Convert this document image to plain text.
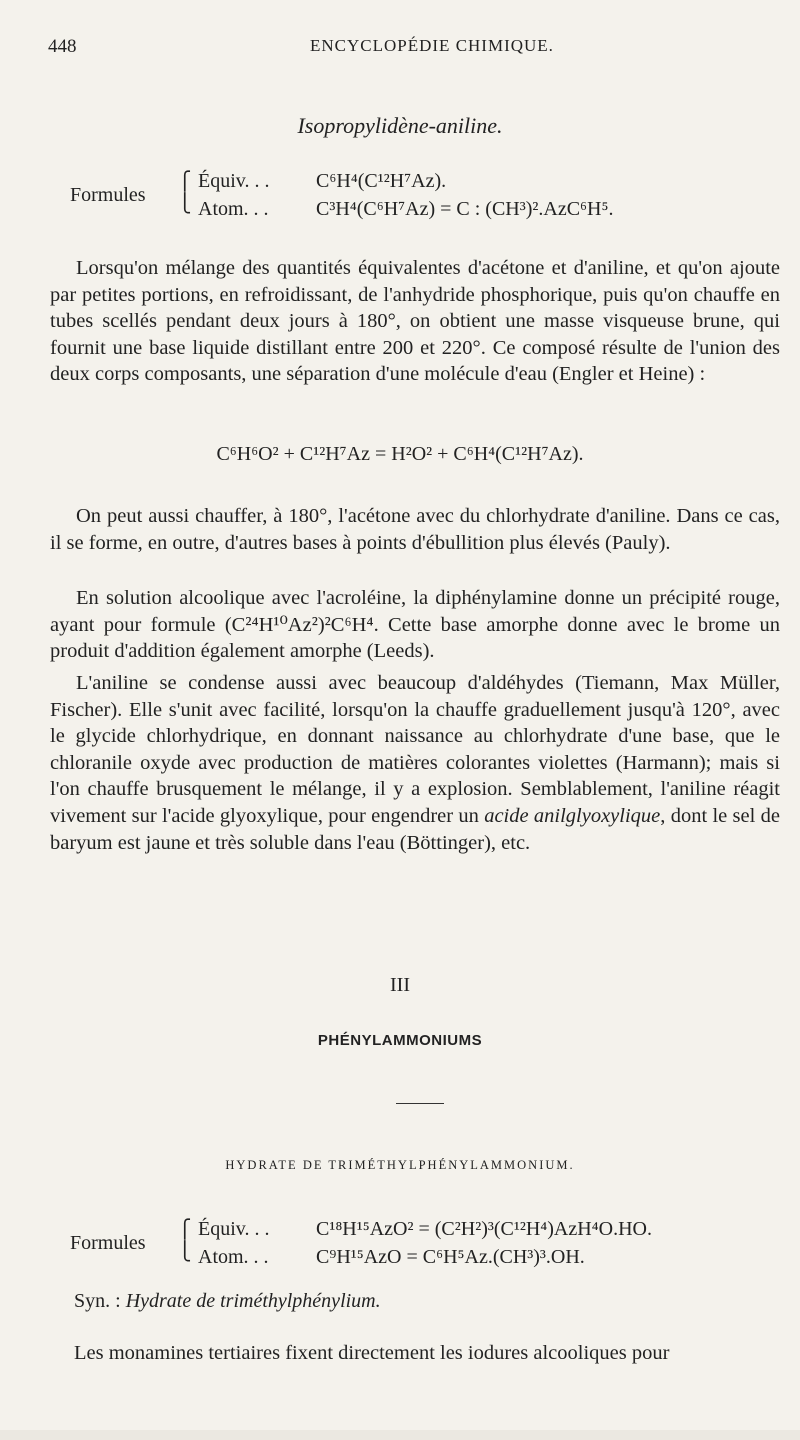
448	ENCYCLOPÉDIE CHIMIQUE.
Isopropylidène-aniline.
Formules
⎧
⎩
Équiv. . . C⁶H⁴(C¹²H⁷Az).
Atom. . . C³H⁴(C⁶H⁷Az) = C : (CH³)².AzC⁶H⁵.

Lorsqu'on mélange des quantités équivalentes d'acétone et d'aniline, et qu'on ajoute par petites portions, en refroidissant, de l'anhydride phosphorique, puis qu'on chauffe en tubes scellés pendant deux jours à 180°, on obtient une masse visqueuse brune, qui fournit une base liquide distillant entre 200 et 220°. Ce composé résulte de l'union des deux corps composants, une séparation d'une molécule d'eau (Engler et Heine) :

C⁶H⁶O² + C¹²H⁷Az = H²O² + C⁶H⁴(C¹²H⁷Az).

On peut aussi chauffer, à 180°, l'acétone avec du chlorhydrate d'aniline. Dans ce cas, il se forme, en outre, d'autres bases à points d'ébullition plus élevés (Pauly).

En solution alcoolique avec l'acroléine, la diphénylamine donne un précipité rouge, ayant pour formule (C²⁴H¹⁰Az²)²C⁶H⁴. Cette base amorphe donne avec le brome un produit d'addition également amorphe (Leeds).

L'aniline se condense aussi avec beaucoup d'aldéhydes (Tiemann, Max Müller, Fischer). Elle s'unit avec facilité, lorsqu'on la chauffe graduellement jusqu'à 120°, avec le glycide chlorhydrique, en donnant naissance au chlorhydrate d'une base, que le chloranile oxyde avec production de matières colorantes violettes (Harmann); mais si l'on chauffe brusquement le mélange, il y a explosion. Semblablement, l'aniline réagit vivement sur l'acide glyoxylique, pour engendrer un acide anilglyoxylique, dont le sel de baryum est jaune et très soluble dans l'eau (Böttinger), etc.

III
PHÉNYLAMMONIUMS
HYDRATE DE TRIMÉTHYLPHÉNYLAMMONIUM.
Formules
⎧
⎩
Équiv. . . C¹⁸H¹⁵AzO² = (C²H²)³(C¹²H⁴)AzH⁴O.HO.
Atom. . . C⁹H¹⁵AzO = C⁶H⁵Az.(CH³)³.OH.
Syn. : Hydrate de triméthylphénylium.
Les monamines tertiaires fixent directement les iodures alcooliques pour
